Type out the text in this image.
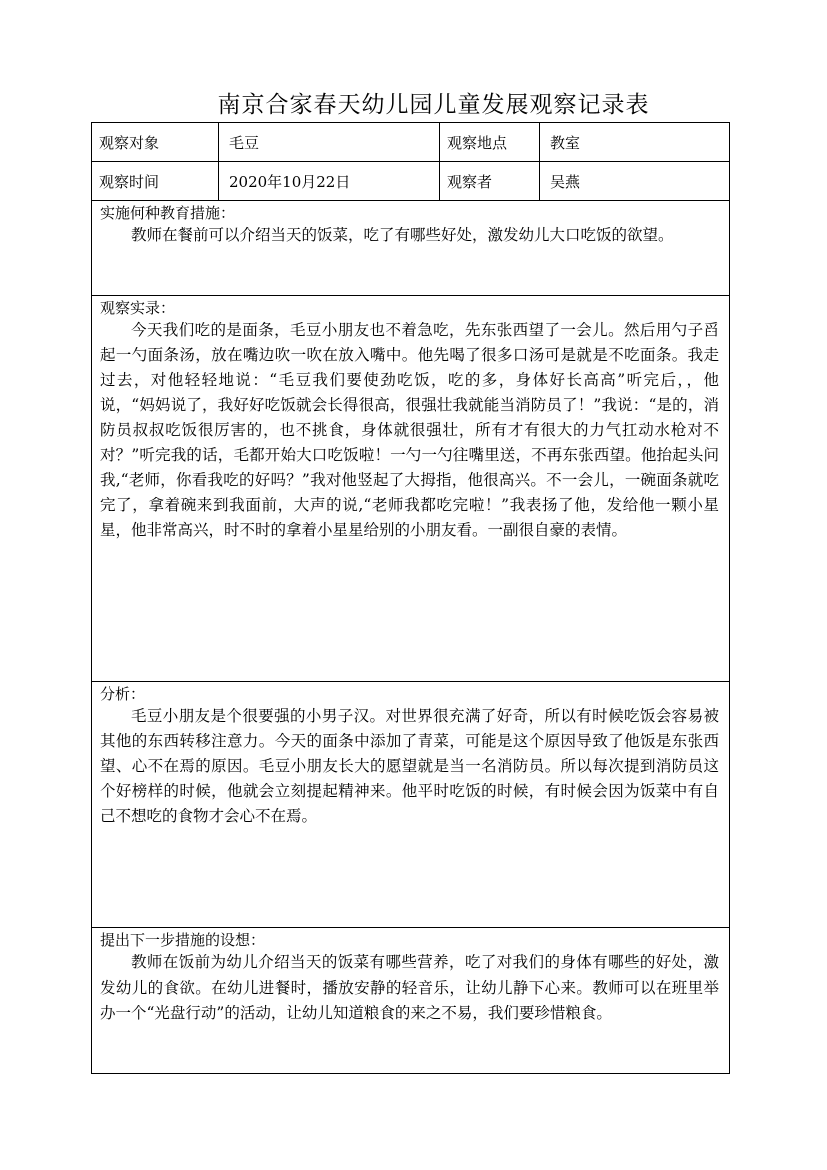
南京合家春天幼儿园儿童发展观察记录表
观察对象	毛豆	观察地点	教室
观察时间	2020年10月22日	观察者	吴燕

实施何种教育措施：

教师在餐前可以介绍当天的饭菜，吃了有哪些好处，激发幼儿大口吃饭的欲望。			

观察实录：

今天我们吃的是面条，毛豆小朋友也不着急吃，先东张西望了一会儿。然后用勺子舀起一勺面条汤，放在嘴边吹一吹在放入嘴中。他先喝了很多口汤可是就是不吃面条。我走过去，对他轻轻地说：“毛豆我们要使劲吃饭，吃的多，身体好长高高”听完后，，他说，“妈妈说了，我好好吃饭就会长得很高，很强壮我就能当消防员了！”我说：“是的，消防员叔叔吃饭很厉害的，也不挑食，身体就很强壮，所有才有很大的力气扛动水枪对不对？”听完我的话，毛都开始大口吃饭啦！一勺一勺往嘴里送，不再东张西望。他抬起头问我,“老师，你看我吃的好吗？”我对他竖起了大拇指，他很高兴。不一会儿，一碗面条就吃完了，拿着碗来到我面前，大声的说,“老师我都吃完啦！”我表扬了他，发给他一颗小星星，他非常高兴，时不时的拿着小星星给别的小朋友看。一副很自豪的表情。			

分析：

毛豆小朋友是个很要强的小男子汉。对世界很充满了好奇，所以有时候吃饭会容易被其他的东西转移注意力。今天的面条中添加了青菜，可能是这个原因导致了他饭是东张西望、心不在焉的原因。毛豆小朋友长大的愿望就是当一名消防员。所以每次提到消防员这个好榜样的时候，他就会立刻提起精神来。他平时吃饭的时候，有时候会因为饭菜中有自己不想吃的食物才会心不在焉。			

提出下一步措施的设想：

教师在饭前为幼儿介绍当天的饭菜有哪些营养，吃了对我们的身体有哪些的好处，激发幼儿的食欲。在幼儿进餐时，播放安静的轻音乐，让幼儿静下心来。教师可以在班里举办一个“光盘行动”的活动，让幼儿知道粮食的来之不易，我们要珍惜粮食。			
